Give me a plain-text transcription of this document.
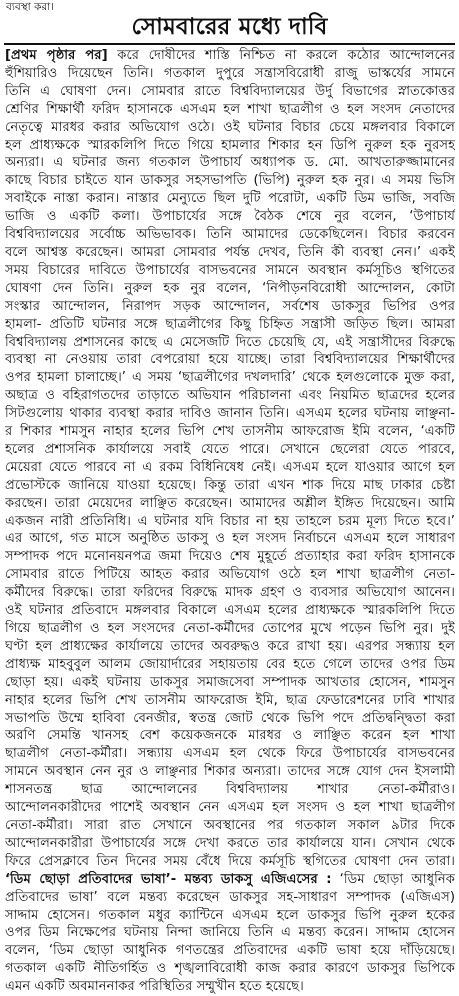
ব্যবস্থা করা।
সোমবারের মধ্যে দাবি
[প্রথম পৃষ্ঠার পর] করে দোষীদের শাস্তি নিশ্চিত না করলে কঠোর আন্দোলনের
হুঁশিয়ারিও দিয়েছেন তিনি। গতকাল দুপুরে সন্ত্রাসবিরোধী রাজু ভাস্কর্যের সামনে
তিনি এ ঘোষণা দেন। সোমবার রাতে বিশ্ববিদ্যালয়ের উর্দু বিভাগের স্নাতকোত্তর
শ্রেণির শিক্ষার্থী ফরিদ হাসানকে এসএম হল শাখা ছাত্রলীগ ও হল সংসদ নেতাদের
নেতৃত্বে মারধর করার অভিযোগ ওঠে। ওই ঘটনার বিচার চেয়ে মঙ্গলবার বিকালে
হল প্রাধ্যক্ষকে স্মারকলিপি দিতে গিয়ে হামলার শিকার হন ডিপি নুরুল হক নুরসহ
অন্যরা। এ ঘটনার জন্য গতকাল উপাচার্য অধ্যাপক ড. মো. আখতারুজ্জামানের
কাছে বিচার চাইতে যান ডাকসুর সহসভাপতি (ভিপি) নুরুল হক নুর। এ সময় ভিসি
সবাইকে নাস্তা করান। নাস্তার মেন্যুতে ছিল দুটি পরোটা, একটি ডিম ভাজি, সবজি
ভাজি ও একটি কলা। উপাচার্যের সঙ্গে বৈঠক শেষে নুর বলেন, ‘উপাচার্য
বিশ্ববিদ্যালয়ের সর্বোচ্চ অভিভাবক। তিনি আমাদের ডেকেছিলেন। বিচার করবেন
বলে আশ্বস্ত করেছেন। আমরা সোমবার পর্যন্ত দেখব, তিনি কী ব্যবস্থা নেন।’ একই
সময় বিচারের দাবিতে উপাচার্যের বাসভবনের সামনে অবস্থান কর্মসূচিও স্থগিতের
ঘোষণা দেন তিনি। নুরুল হক নুর বলেন, ‘নিপীড়নবিরোধী আন্দোলন, কোটা
সংস্কার আন্দোলন, নিরাপদ সড়ক আন্দোলন, সর্বশেষ ডাকসুর ভিপির ওপর
হামলা- প্রতিটি ঘটনার সঙ্গে ছাত্রলীগের কিছু চিহ্নিত সন্ত্রাসী জড়িত ছিল। আমরা
বিশ্ববিদ্যালয় প্রশাসনের কাছে এ মেসেজটি দিতে চেয়েছি যে, এই সন্ত্রাসীদের বিরুদ্ধে
ব্যবস্থা না নেওয়ায় তারা বেপরোয়া হয়ে যাচ্ছে। তারা বিশ্ববিদ্যালয়ের শিক্ষার্থীদের
ওপর হামলা চালাচ্ছে।’ এ সময় ‘ছাত্রলীগের দখলদারি’ থেকে হলগুলোকে মুক্ত করা,
অছাত্র ও বহিরাগতদের তাড়াতে অভিযান পরিচালনা এবং নিয়মিত ছাত্রদের হলের
সিটগুলোয় থাকার ব্যবস্থা করার দাবিও জানান তিনি। এসএম হলের ঘটনায় লাঞ্ছনা-
র শিকার শামসুন নাহার হলের ভিপি শেখ তাসনীম আফরোজ ইমি বলেন, ‘একটি
হলের প্রশাসনিক কার্যালয়ে সবাই যেতে পারে। সেখানে ছেলেরা যেতে পারবে,
মেয়েরা যেতে পারবে না এ রকম বিধিনিষেধ নেই। এসএম হলে যাওয়ার আগে হল
প্রভোস্টকে জানিয়ে যাওয়া হয়েছে। কিন্তু তারা এখন শাক দিয়ে মাছ ঢাকার চেষ্টা
করছেন। তারা মেয়েদের লাঞ্ছিত করেছেন। আমাদের অশ্লীল ইঙ্গিত দিয়েছেন। আমি
একজন নারী প্রতিনিধি। এ ঘটনার যদি বিচার না হয় তাহলে চরম মূল্য দিতে হবে।’
এর আগে, গত মাসে অনুষ্ঠিত ডাকসু ও হল সংসদ নির্বাচনে এসএম হলে সাধারণ
সম্পাদক পদে মনোনয়নপত্র জমা দিয়েও শেষ মুহূর্তে প্রত্যাহার করা ফরিদ হাসানকে
সোমবার রাতে পিটিয়ে আহত করার অভিযোগ ওঠে হল শাখা ছাত্রলীগ নেতা-
কর্মীদের বিরুদ্ধে। তারা ফরিদের বিরুদ্ধে মাদক গ্রহণ ও ব্যবসার অভিযোগ আনেন।
ওই ঘটনার প্রতিবাদে মঙ্গলবার বিকালে এসএম হলের প্রাধ্যক্ষকে স্মারকলিপি দিতে
গিয়ে ছাত্রলীগ ও হল সংসদের নেতা-কর্মীদের তোপের মুখে পড়েন ভিপি নুর। দুই
ঘণ্টা হল প্রাধ্যক্ষের কার্যালয়ে তাদের অবরুদ্ধও করে রাখা হয়। এরপর সন্ধ্যায় হল
প্রাধ্যক্ষ মাহবুবুল আলম জোয়ার্দারের সহায়তায় বের হতে গেলে তাদের ওপর ডিম
ছোড়া হয়। একই ঘটনায় ডাকসুর সমাজসেবা সম্পাদক আখতার হোসেন, শামসুন
নাহার হলের ভিপি শেখ তাসনীম আফরোজ ইমি, ছাত্র ফেডারেশনের ঢাবি শাখার
সভাপতি উম্মে হাবিবা বেনজীর, স্বতন্ত্র জোট থেকে ভিপি পদে প্রতিদ্বন্দ্বিতা করা
অরণি সেমন্তি খানসহ বেশ কয়েকজনকে মারধর ও লাঞ্ছিত করেন হল শাখা
ছাত্রলীগ নেতা-কর্মীরা। সন্ধ্যায় এসএম হল থেকে ফিরে উপাচার্যের বাসভবনের
সামনে অবস্থান নেন নুর ও লাঞ্ছনার শিকার অন্যরা। তাদের সঙ্গে যোগ দেন ইসলামী
শাসনতন্ত্র ছাত্র আন্দোলনের বিশ্ববিদ্যালয় শাখার নেতা-কর্মীরাও।
আন্দোলনকারীদের পাশেই অবস্থান নেন এসএম হল সংসদ ও হল শাখা ছাত্রলীগ
নেতা-কর্মীরা। সারা রাত সেখানে অবস্থানের পর গতকাল সকাল ৯টার দিকে
আন্দোলনকারীরা উপাচার্যের সঙ্গে দেখা করতে তার কার্যালয়ে যান। সেখান থেকে
ফিরে প্রেসক্লাবে তিন দিনের সময় বেঁধে দিয়ে কর্মসূচি স্থগিতের ঘোষণা দেন তারা।
‘ডিম ছোড়া প্রতিবাদের ভাষা’- মন্তব্য ডাকসু এজিএসের : ‘ডিম ছোড়া আধুনিক
প্রতিবাদের ভাষা’ বলে মন্তব্য করেছেন ডাকসুর সহ-সাধারণ সম্পাদক (এজিএস)
সাদ্দাম হোসেন। গতকাল মধুর ক্যান্টিনে এসএম হলে ডাকসুর ভিপি নুরুল হকের
ওপর ডিম নিক্ষেপের ঘটনায় নিন্দা জানিয়ে তিনি এ মন্তব্য করেন। সাদ্দাম হোসেন
বলেন, ‘ডিম ছোড়া আধুনিক গণতন্ত্রের প্রতিবাদের একটি ভাষা হয়ে দাঁড়িয়েছে।
গতকাল একটি নীতিগর্হিত ও শৃঙ্খলাবিরোধী কাজ করার কারণে ডাকসুর ভিপিকে
এমন একটি অবমাননাকর পরিস্থিতির সম্মুখীন হতে হয়েছে।
